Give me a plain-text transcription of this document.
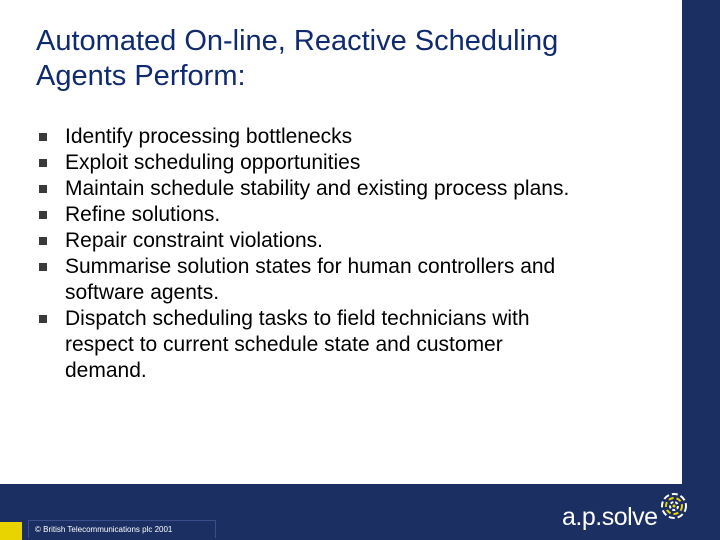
Automated On-line, Reactive Scheduling
Agents Perform:
Identify processing bottlenecks
Exploit scheduling opportunities
Maintain schedule stability and existing process plans.
Refine solutions.
Repair constraint violations.
Summarise solution states for human controllers and
software agents.
Dispatch scheduling tasks to field technicians with
respect to current schedule state and customer
demand.
© British Telecommunications plc 2001	a.p.solve
